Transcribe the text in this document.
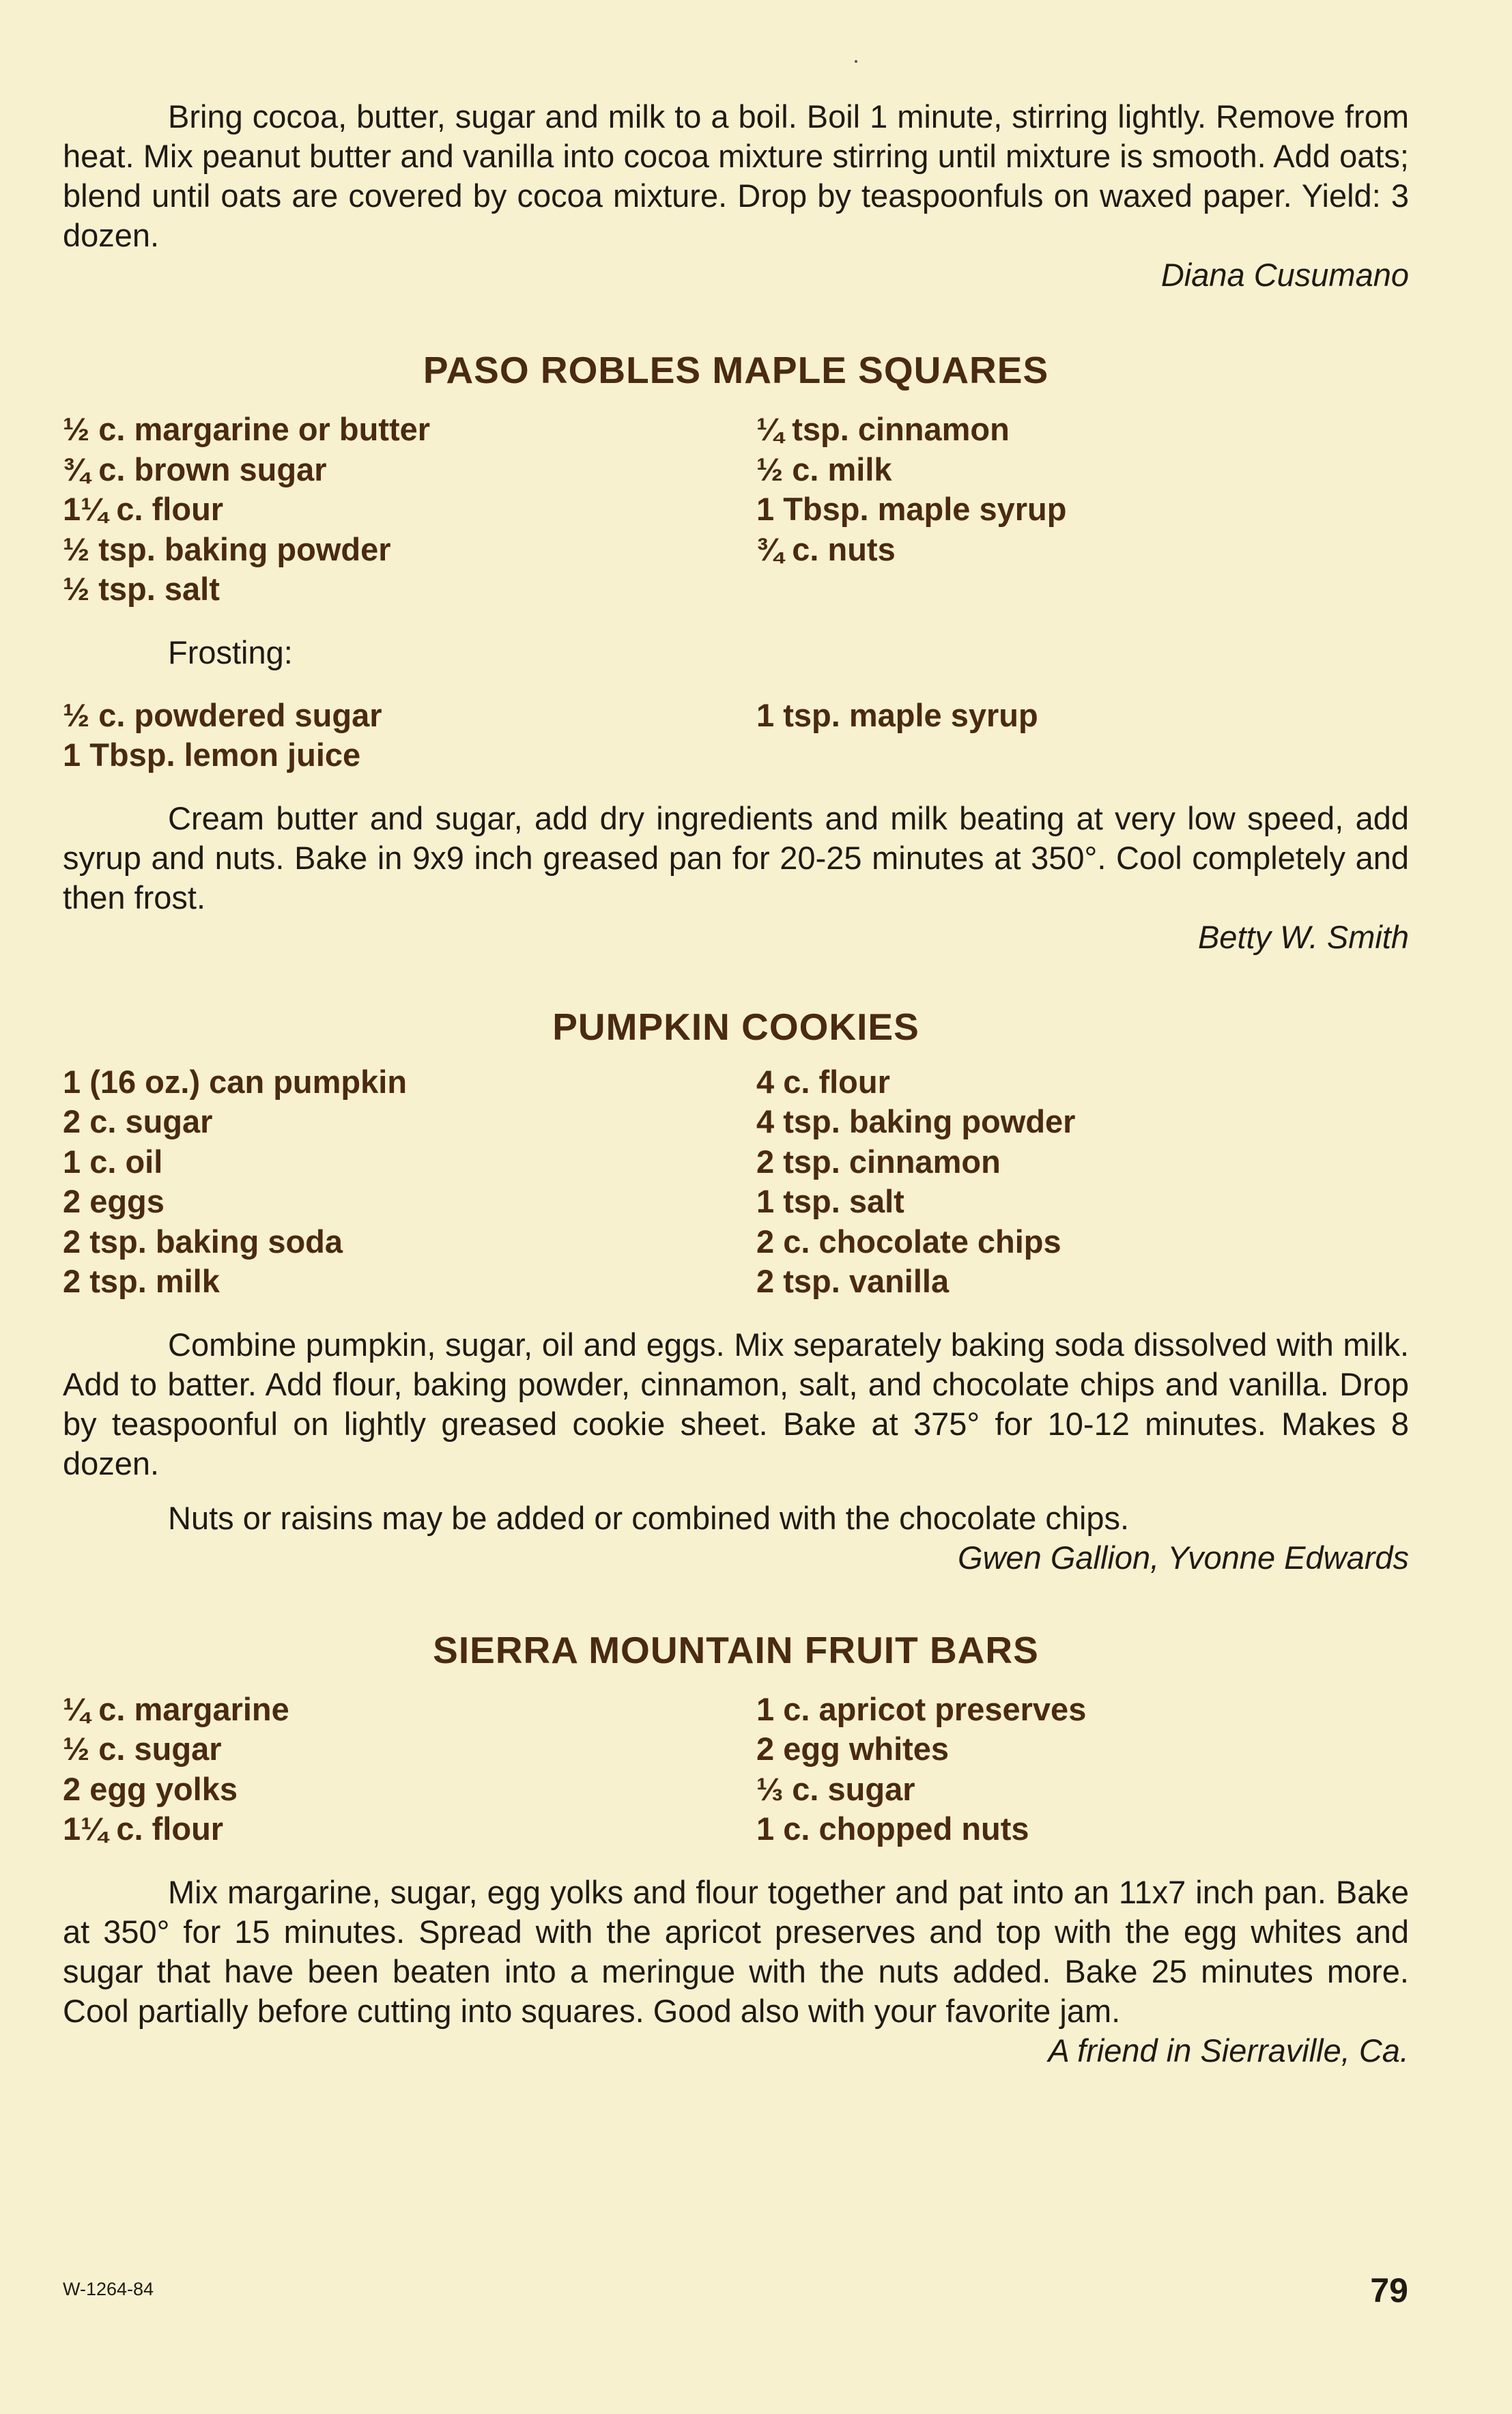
Bring cocoa, butter, sugar and milk to a boil. Boil 1 minute, stirring lightly. Remove from heat. Mix peanut butter and vanilla into cocoa mixture stirring until mixture is smooth. Add oats; blend until oats are covered by cocoa mixture. Drop by teaspoonfuls on waxed paper. Yield: 3 dozen.

Diana Cusumano

PASO ROBLES MAPLE SQUARES
½ c. margarine or butter
¾ c. brown sugar
1¼ c. flour
½ tsp. baking powder
½ tsp. salt
¼ tsp. cinnamon
½ c. milk
1 Tbsp. maple syrup
¾ c. nuts

Frosting:

½ c. powdered sugar
1 Tbsp. lemon juice
1 tsp. maple syrup

Cream butter and sugar, add dry ingredients and milk beating at very low speed, add syrup and nuts. Bake in 9x9 inch greased pan for 20-25 minutes at 350°. Cool completely and then frost.

Betty W. Smith

PUMPKIN COOKIES
1 (16 oz.) can pumpkin
2 c. sugar
1 c. oil
2 eggs
2 tsp. baking soda
2 tsp. milk
4 c. flour
4 tsp. baking powder
2 tsp. cinnamon
1 tsp. salt
2 c. chocolate chips
2 tsp. vanilla

Combine pumpkin, sugar, oil and eggs. Mix separately baking soda dissolved with milk. Add to batter. Add flour, baking powder, cinnamon, salt, and chocolate chips and vanilla. Drop by teaspoonful on lightly greased cookie sheet. Bake at 375° for 10-12 minutes. Makes 8 dozen.

Nuts or raisins may be added or combined with the chocolate chips.

Gwen Gallion, Yvonne Edwards

SIERRA MOUNTAIN FRUIT BARS
¼ c. margarine
½ c. sugar
2 egg yolks
1¼ c. flour
1 c. apricot preserves
2 egg whites
⅓ c. sugar
1 c. chopped nuts

Mix margarine, sugar, egg yolks and flour together and pat into an 11x7 inch pan. Bake at 350° for 15 minutes. Spread with the apricot preserves and top with the egg whites and sugar that have been beaten into a meringue with the nuts added. Bake 25 minutes more. Cool partially before cutting into squares. Good also with your favorite jam.

A friend in Sierraville, Ca.

W-1264-84	79
